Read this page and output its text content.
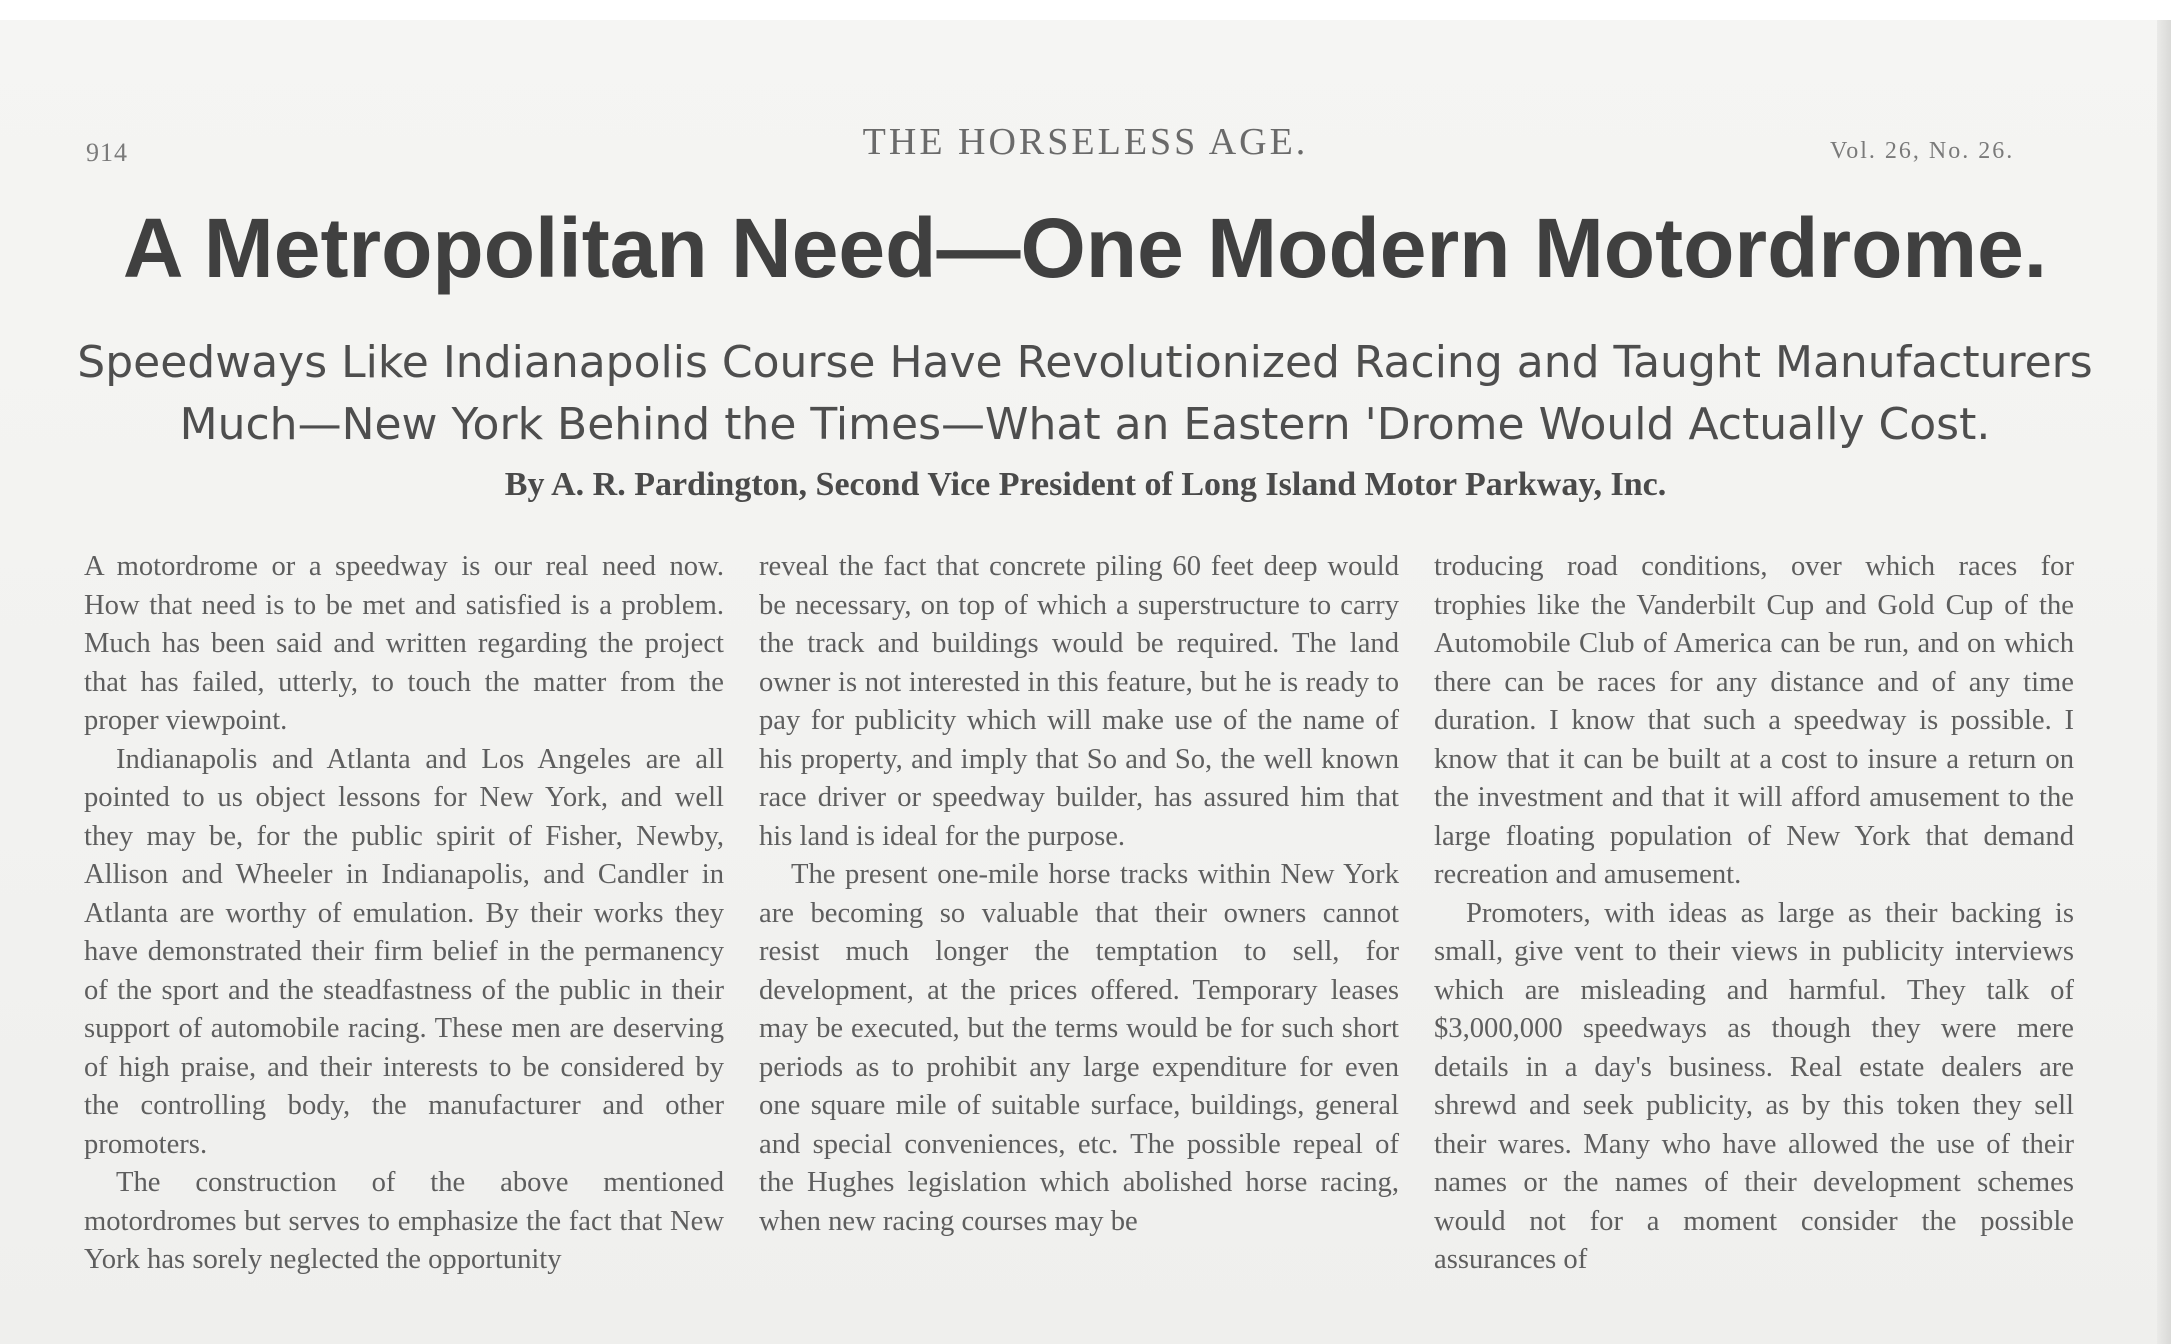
914	THE HORSELESS AGE.	Vol. 26, No. 26.
A Metropolitan Need—One Modern Motordrome.
Speedways Like Indianapolis Course Have Revolutionized Racing and Taught Manufacturers Much—New York Behind the Times—What an Eastern 'Drome Would Actually Cost.
By A. R. Pardington, Second Vice President of Long Island Motor Parkway, Inc.

A motordrome or a speedway is our real need now. How that need is to be met and satisfied is a problem. Much has been said and written regarding the project that has failed, utterly, to touch the matter from the proper viewpoint.

Indianapolis and Atlanta and Los Angeles are all pointed to us object lessons for New York, and well they may be, for the public spirit of Fisher, Newby, Allison and Wheeler in Indianapolis, and Candler in Atlanta are worthy of emulation. By their works they have demonstrated their firm belief in the permanency of the sport and the steadfastness of the public in their support of automobile racing. These men are deserving of high praise, and their interests to be considered by the controlling body, the manufacturer and other promoters.

The construction of the above mentioned motordromes but serves to emphasize the fact that New York has sorely neglected the opportunity

reveal the fact that concrete piling 60 feet deep would be necessary, on top of which a superstructure to carry the track and buildings would be required. The land owner is not interested in this feature, but he is ready to pay for publicity which will make use of the name of his property, and imply that So and So, the well known race driver or speedway builder, has assured him that his land is ideal for the purpose.

The present one-mile horse tracks within New York are becoming so valuable that their owners cannot resist much longer the temptation to sell, for development, at the prices offered. Temporary leases may be executed, but the terms would be for such short periods as to prohibit any large expenditure for even one square mile of suitable surface, buildings, general and special conveniences, etc. The possible repeal of the Hughes legislation which abolished horse racing, when new racing courses may be

troducing road conditions, over which races for trophies like the Vanderbilt Cup and Gold Cup of the Automobile Club of America can be run, and on which there can be races for any distance and of any time duration. I know that such a speedway is possible. I know that it can be built at a cost to insure a return on the investment and that it will afford amusement to the large floating population of New York that demand recreation and amusement.

Promoters, with ideas as large as their backing is small, give vent to their views in publicity interviews which are misleading and harmful. They talk of $3,000,000 speedways as though they were mere details in a day's business. Real estate dealers are shrewd and seek publicity, as by this token they sell their wares. Many who have allowed the use of their names or the names of their development schemes would not for a moment consider the possible assurances of
